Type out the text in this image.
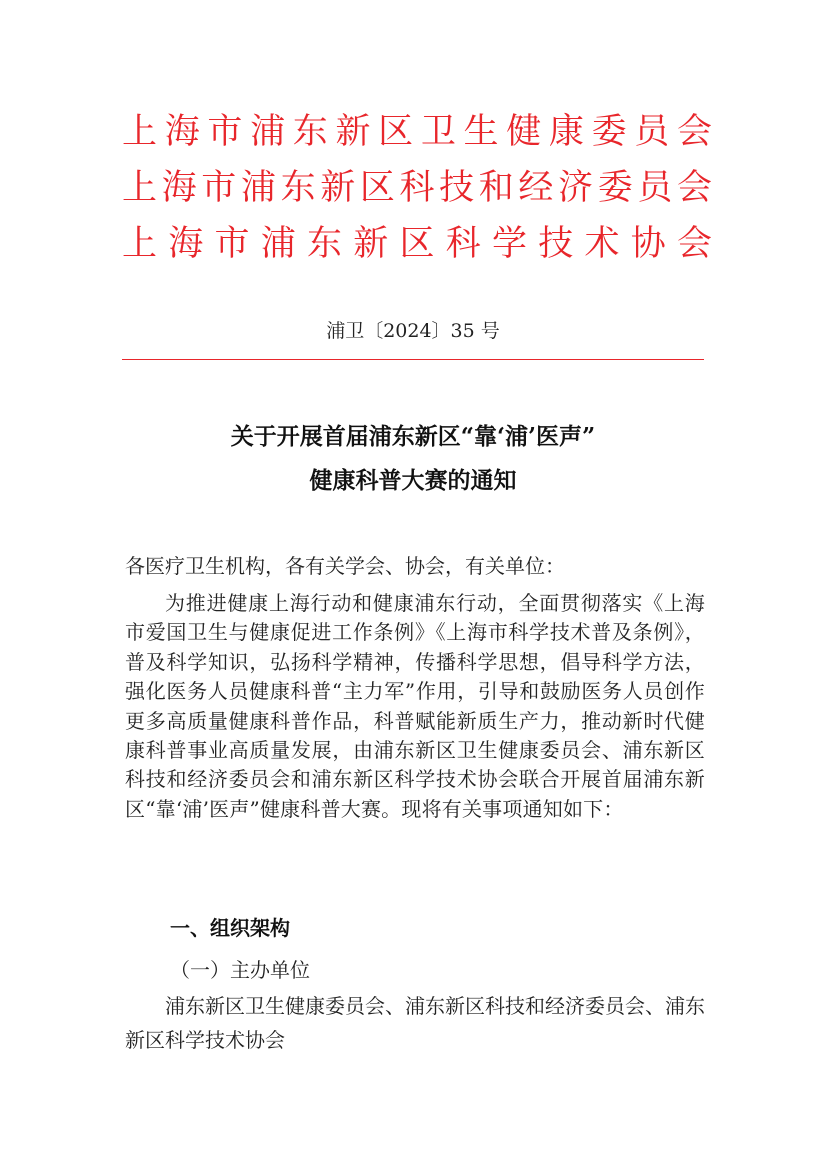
上海市浦东新区卫生健康委员会
上海市浦东新区科技和经济委员会
上海市浦东新区科学技术协会
浦卫〔2024〕35 号
关于开展首届浦东新区“靠‘浦’医声”
健康科普大赛的通知
各医疗卫生机构，各有关学会、协会，有关单位：
为推进健康上海行动和健康浦东行动，全面贯彻落实《上海市爱国卫生与健康促进工作条例》《上海市科学技术普及条例》，普及科学知识，弘扬科学精神，传播科学思想，倡导科学方法，强化医务人员健康科普“主力军”作用，引导和鼓励医务人员创作更多高质量健康科普作品，科普赋能新质生产力，推动新时代健康科普事业高质量发展，由浦东新区卫生健康委员会、浦东新区科技和经济委员会和浦东新区科学技术协会联合开展首届浦东新区“靠‘浦’医声”健康科普大赛。现将有关事项通知如下：
一、组织架构
（一）主办单位
浦东新区卫生健康委员会、浦东新区科技和经济委员会、浦东新区科学技术协会
